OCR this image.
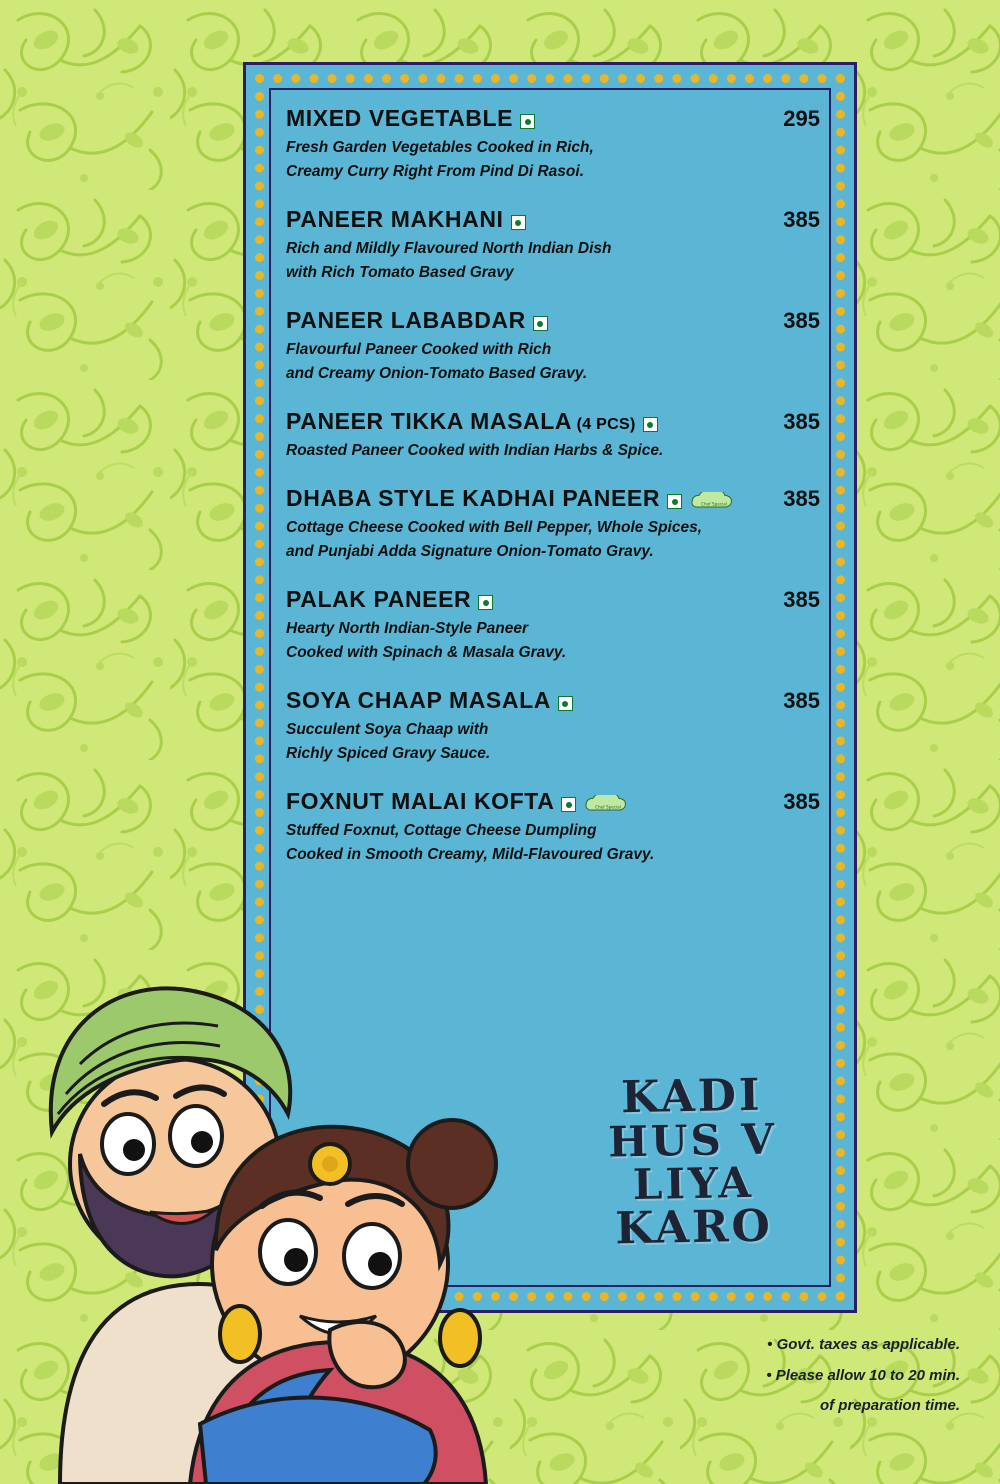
MIXED VEGETABLE	295
Fresh Garden Vegetables Cooked in Rich,
Creamy Curry Right From Pind Di Rasoi.
PANEER MAKHANI	385
Rich and Mildly Flavoured North Indian Dish
with Rich Tomato Based Gravy
PANEER LABABDAR	385
Flavourful Paneer Cooked with Rich
and Creamy Onion-Tomato Based Gravy.
PANEER TIKKA MASALA (4 PCS)	385
Roasted Paneer Cooked with Indian Harbs & Spice.
DHABA STYLE KADHAI PANEER	Chef Special	385
Cottage Cheese Cooked with Bell Pepper, Whole Spices,
and Punjabi Adda Signature Onion-Tomato Gravy.
PALAK PANEER	385
Hearty North Indian-Style Paneer
Cooked with Spinach & Masala Gravy.
SOYA CHAAP MASALA	385
Succulent Soya Chaap with
Richly Spiced Gravy Sauce.
FOXNUT MALAI KOFTA	Chef Special	385
Stuffed Foxnut, Cottage Cheese Dumpling
Cooked in Smooth Creamy, Mild-Flavoured Gravy.
KADI
HUS V LIYA
KARO
• Govt. taxes as applicable.
• Please allow 10 to 20 min.
of preparation time.
